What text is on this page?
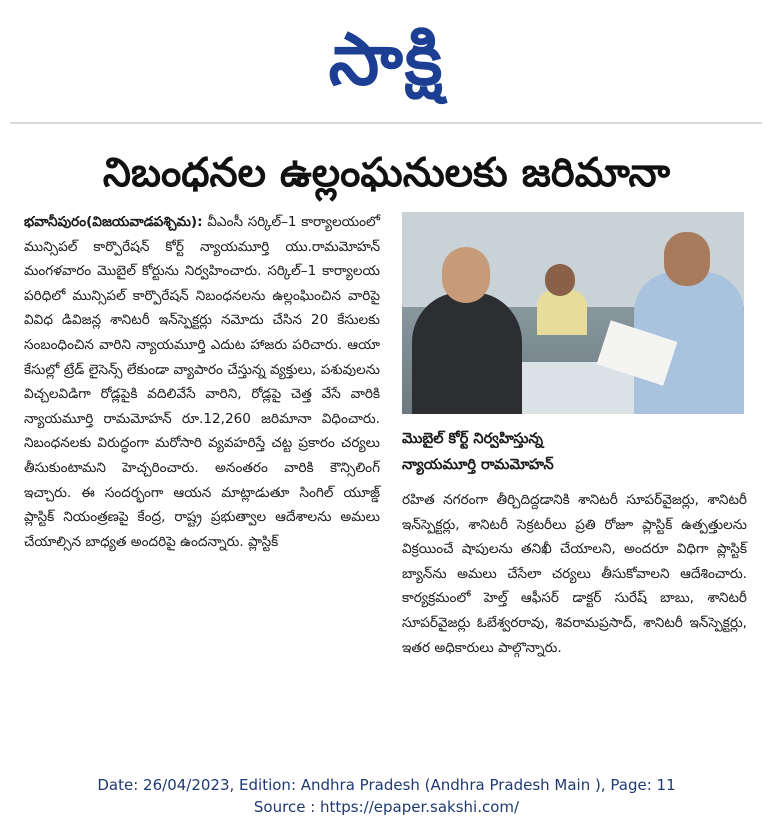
సాక్షి
నిబంధనల ఉల్లంఘనులకు జరిమానా

భవానీపురం(విజయవాడపశ్చిమ): వీఎంసీ సర్కిల్‌–1 కార్యాలయంలో మున్సిపల్‌ కార్పొరేషన్‌ కోర్ట్‌ న్యాయమూర్తి యు.రామమోహన్‌ మంగళవారం మొబైల్‌ కోర్టును నిర్వహించారు. సర్కిల్‌–1 కార్యాలయ పరిధిలో మున్సిపల్‌ కార్పొరేషన్‌ నిబంధనలను ఉల్లంఘించిన వారిపై వివిధ డివిజన్ల శానిటరీ ఇన్‌స్పెక్టర్లు నమోదు చేసిన 20 కేసులకు సంబంధించిన వారిని న్యాయమూర్తి ఎదుట హాజరు పరిచారు. ఆయా కేసుల్లో ట్రేడ్‌ లైసెన్స్‌ లేకుండా వ్యాపారం చేస్తున్న వ్యక్తులు, పశువులను విచ్చలవిడిగా రోడ్లపైకి వదిలివేసే వారిని, రోడ్లపై చెత్త వేసే వారికి న్యాయమూర్తి రామమోహన్‌ రూ.12,260 జరిమానా విధించారు. నిబంధనలకు విరుద్ధంగా మరోసారి వ్యవహరిస్తే చట్ట ప్రకారం చర్యలు తీసుకుంటామని హెచ్చరించారు. అనంతరం వారికి కౌన్సిలింగ్‌ ఇచ్చారు. ఈ సందర్భంగా ఆయన మాట్లాడుతూ సింగిల్‌ యూజ్డ్‌ ప్లాస్టిక్‌ నియంత్రణపై కేంద్ర, రాష్ట్ర ప్రభుత్వాల ఆదేశాలను అమలు చేయాల్సిన బాధ్యత అందరిపై ఉందన్నారు. ప్లాస్టిక్‌

మొబైల్‌ కోర్ట్‌ నిర్వహిస్తున్న
న్యాయమూర్తి రామమోహన్‌

రహిత నగరంగా తీర్చిదిద్దడానికి శానిటరీ సూపర్‌వైజర్లు, శానిటరీ ఇన్‌స్పెక్టర్లు, శానిటరీ సెక్రటరీలు ప్రతి రోజూ ప్లాస్టిక్‌ ఉత్పత్తులను విక్రయించే షాపులను తనిఖీ చేయాలని, అందరూ విధిగా ప్లాస్టిక్‌ బ్యాన్‌ను అమలు చేసేలా చర్యలు తీసుకోవాలని ఆదేశించారు. కార్యక్రమంలో హెల్త్‌ ఆఫీసర్‌ డాక్టర్‌ సురేష్‌ బాబు, శానిటరీ సూపర్‌వైజర్లు ఓబేశ్వరరావు, శివరామప్రసాద్‌, శానిటరీ ఇన్‌స్పెక్టర్లు, ఇతర అధికారులు పాల్గొన్నారు.

Date: 26/04/2023, Edition: Andhra Pradesh (Andhra Pradesh Main ), Page: 11
Source : https://epaper.sakshi.com/
